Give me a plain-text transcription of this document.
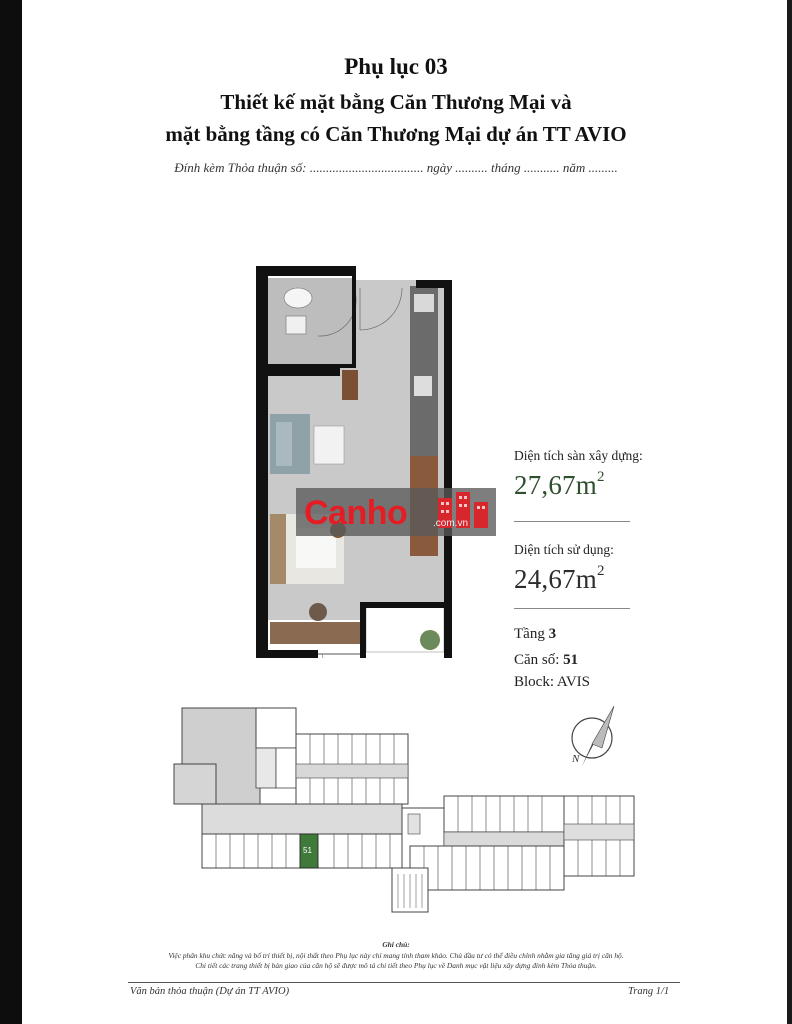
Phụ lục 03
Thiết kế mặt bằng Căn Thương Mại và
mặt bằng tầng có Căn Thương Mại dự án TT AVIO
Đính kèm Thỏa thuận số: ................................... ngày .......... tháng ........... năm .........
Canho	.com.vn
Diện tích sàn xây dựng:
$27,67m^2$
Diện tích sử dụng:
$24,67m^2$
Tầng 3
Căn số: 51
Block: AVIS
N
51
Ghi chú:
Việc phân khu chức năng và bố trí thiết bị, nội thất theo Phụ lục này chỉ mang tính tham khảo. Chủ đầu tư có thể điều chỉnh nhằm gia tăng giá trị căn hộ.
Chi tiết các trang thiết bị bàn giao của căn hộ sẽ được mô tả chi tiết theo Phụ lục về Danh mục vật liệu xây dựng đính kèm Thỏa thuận.
Văn bản thỏa thuận (Dự án TT AVIO)	Trang 1/1
